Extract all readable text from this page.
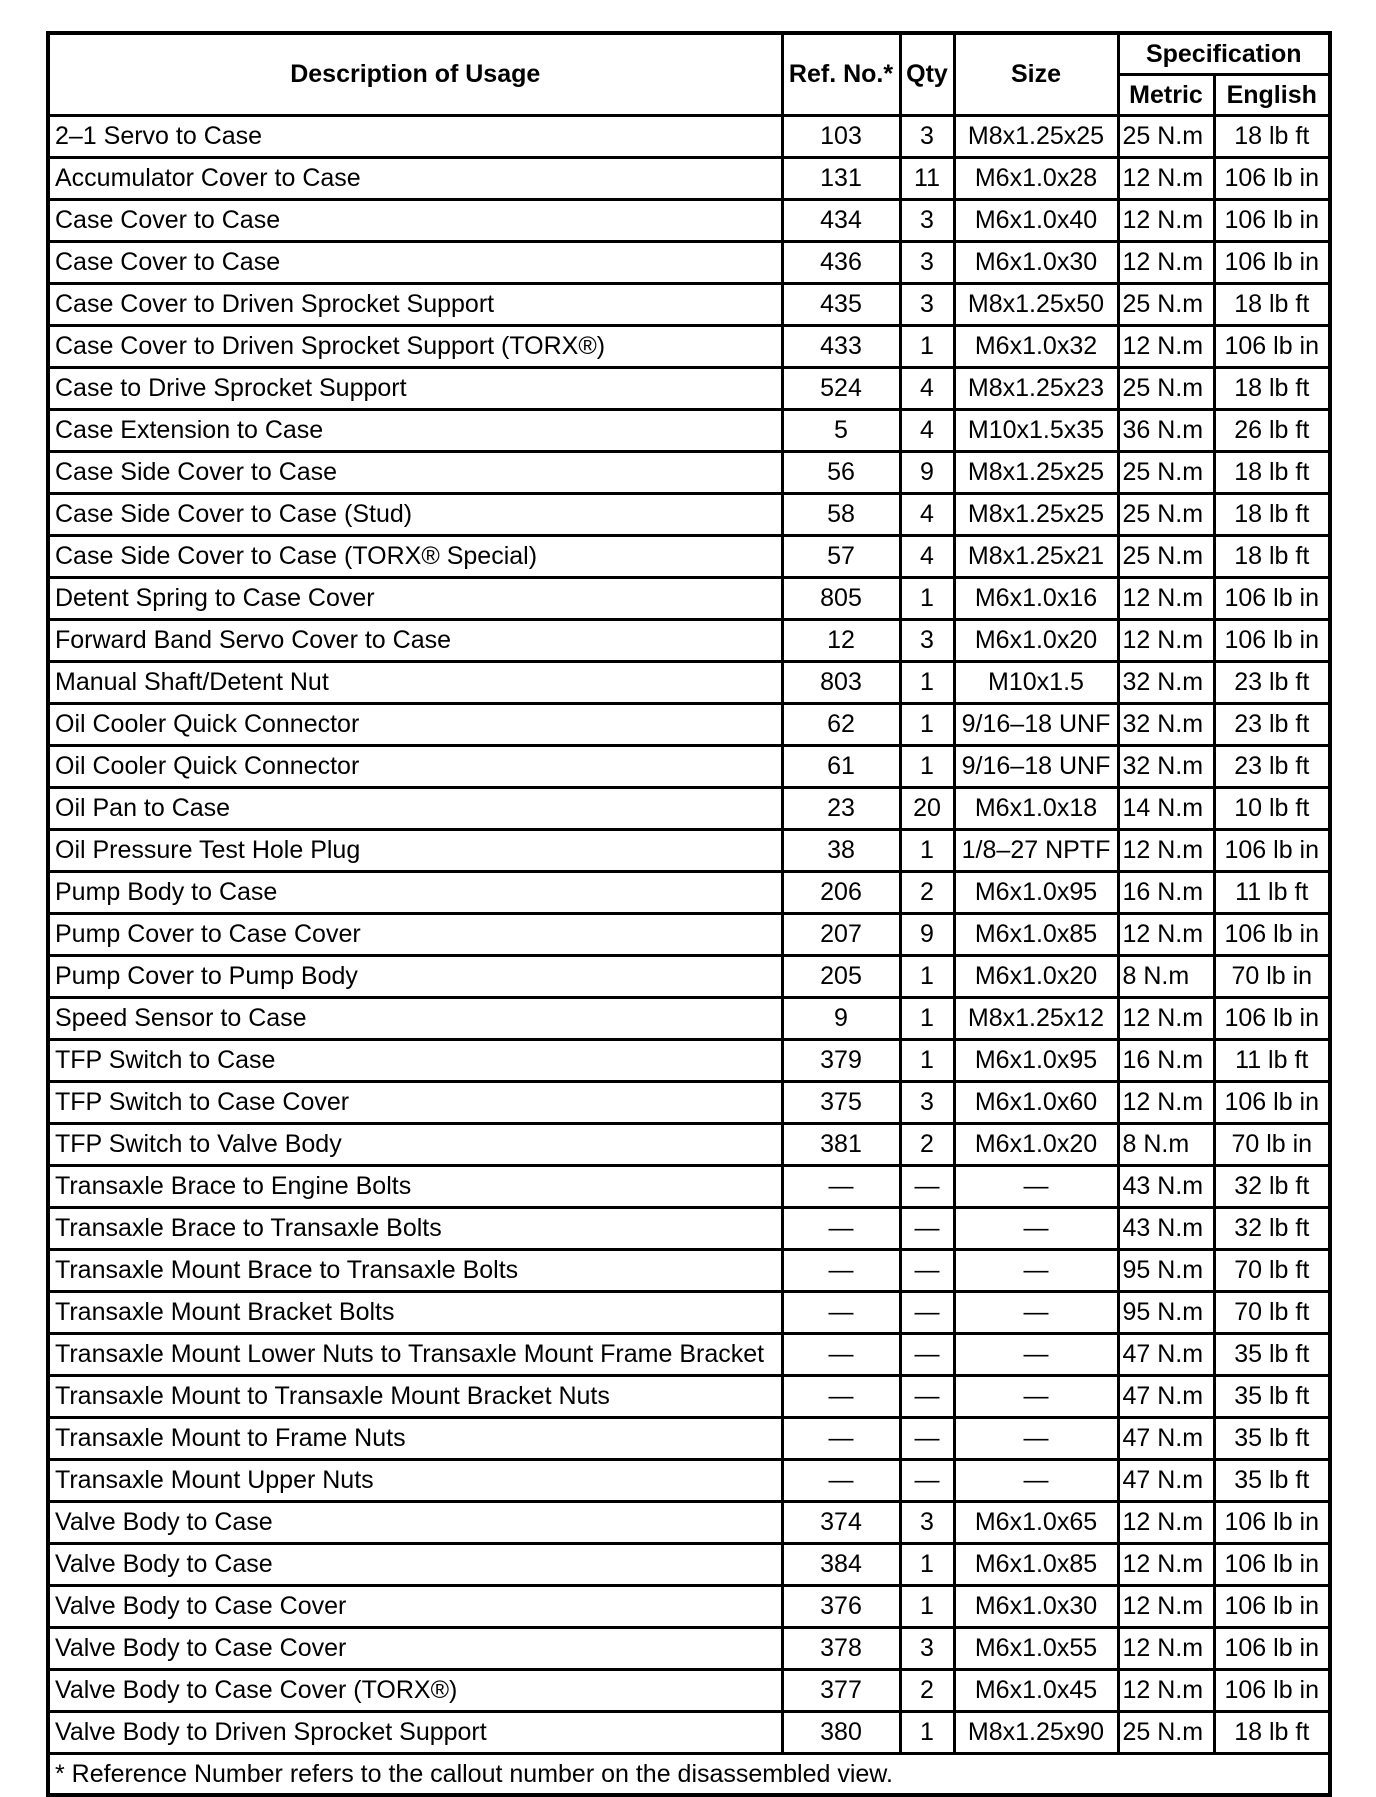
Description of Usage	Ref. No.*	Qty	Size	Specification	
				Metric	English
2–1 Servo to Case	103	3	M8x1.25x25	25 N.m	18 lb ft
Accumulator Cover to Case	131	11	M6x1.0x28	12 N.m	106 lb in
Case Cover to Case	434	3	M6x1.0x40	12 N.m	106 lb in
Case Cover to Case	436	3	M6x1.0x30	12 N.m	106 lb in
Case Cover to Driven Sprocket Support	435	3	M8x1.25x50	25 N.m	18 lb ft
Case Cover to Driven Sprocket Support (TORX®)	433	1	M6x1.0x32	12 N.m	106 lb in
Case to Drive Sprocket Support	524	4	M8x1.25x23	25 N.m	18 lb ft
Case Extension to Case	5	4	M10x1.5x35	36 N.m	26 lb ft
Case Side Cover to Case	56	9	M8x1.25x25	25 N.m	18 lb ft
Case Side Cover to Case (Stud)	58	4	M8x1.25x25	25 N.m	18 lb ft
Case Side Cover to Case (TORX® Special)	57	4	M8x1.25x21	25 N.m	18 lb ft
Detent Spring to Case Cover	805	1	M6x1.0x16	12 N.m	106 lb in
Forward Band Servo Cover to Case	12	3	M6x1.0x20	12 N.m	106 lb in
Manual Shaft/Detent Nut	803	1	M10x1.5	32 N.m	23 lb ft
Oil Cooler Quick Connector	62	1	9/16–18 UNF	32 N.m	23 lb ft
Oil Cooler Quick Connector	61	1	9/16–18 UNF	32 N.m	23 lb ft
Oil Pan to Case	23	20	M6x1.0x18	14 N.m	10 lb ft
Oil Pressure Test Hole Plug	38	1	1/8–27 NPTF	12 N.m	106 lb in
Pump Body to Case	206	2	M6x1.0x95	16 N.m	11 lb ft
Pump Cover to Case Cover	207	9	M6x1.0x85	12 N.m	106 lb in
Pump Cover to Pump Body	205	1	M6x1.0x20	8 N.m	70 lb in
Speed Sensor to Case	9	1	M8x1.25x12	12 N.m	106 lb in
TFP Switch to Case	379	1	M6x1.0x95	16 N.m	11 lb ft
TFP Switch to Case Cover	375	3	M6x1.0x60	12 N.m	106 lb in
TFP Switch to Valve Body	381	2	M6x1.0x20	8 N.m	70 lb in
Transaxle Brace to Engine Bolts	—	—	—	43 N.m	32 lb ft
Transaxle Brace to Transaxle Bolts	—	—	—	43 N.m	32 lb ft
Transaxle Mount Brace to Transaxle Bolts	—	—	—	95 N.m	70 lb ft
Transaxle Mount Bracket Bolts	—	—	—	95 N.m	70 lb ft
Transaxle Mount Lower Nuts to Transaxle Mount Frame Bracket	—	—	—	47 N.m	35 lb ft
Transaxle Mount to Transaxle Mount Bracket Nuts	—	—	—	47 N.m	35 lb ft
Transaxle Mount to Frame Nuts	—	—	—	47 N.m	35 lb ft
Transaxle Mount Upper Nuts	—	—	—	47 N.m	35 lb ft
Valve Body to Case	374	3	M6x1.0x65	12 N.m	106 lb in
Valve Body to Case	384	1	M6x1.0x85	12 N.m	106 lb in
Valve Body to Case Cover	376	1	M6x1.0x30	12 N.m	106 lb in
Valve Body to Case Cover	378	3	M6x1.0x55	12 N.m	106 lb in
Valve Body to Case Cover (TORX®)	377	2	M6x1.0x45	12 N.m	106 lb in
Valve Body to Driven Sprocket Support	380	1	M8x1.25x90	25 N.m	18 lb ft
* Reference Number refers to the callout number on the disassembled view.					
